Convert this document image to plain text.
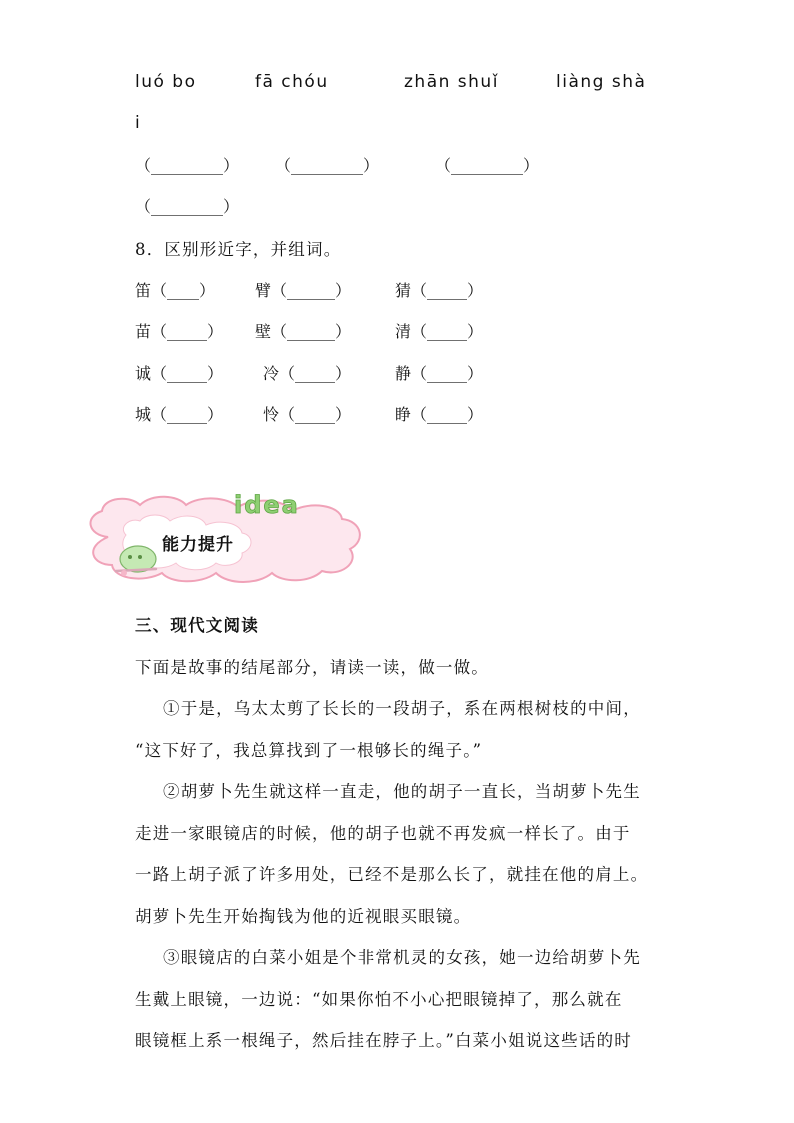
luó bo	fā chóu	zhān shuǐ	liàng shà
i
（_________） （_________）	（_________）
（_________）
8．区别形近字，并组词。
笛（____） 臂（______）	猜（_____）
苗（_____） 壁（______）	清（_____）
诚（_____） 冷（_____）	静（_____）
城（_____） 怜（_____）	睁（_____）
idea
能力提升
三、现代文阅读
下面是故事的结尾部分，请读一读，做一做。
①于是，乌太太剪了长长的一段胡子，系在两根树枝的中间，
“这下好了，我总算找到了一根够长的绳子。”
②胡萝卜先生就这样一直走，他的胡子一直长，当胡萝卜先生
走进一家眼镜店的时候，他的胡子也就不再发疯一样长了。由于
一路上胡子派了许多用处，已经不是那么长了，就挂在他的肩上。
胡萝卜先生开始掏钱为他的近视眼买眼镜。
③眼镜店的白菜小姐是个非常机灵的女孩，她一边给胡萝卜先
生戴上眼镜，一边说：“如果你怕不小心把眼镜掉了，那么就在
眼镜框上系一根绳子，然后挂在脖子上。”白菜小姐说这些话的时
